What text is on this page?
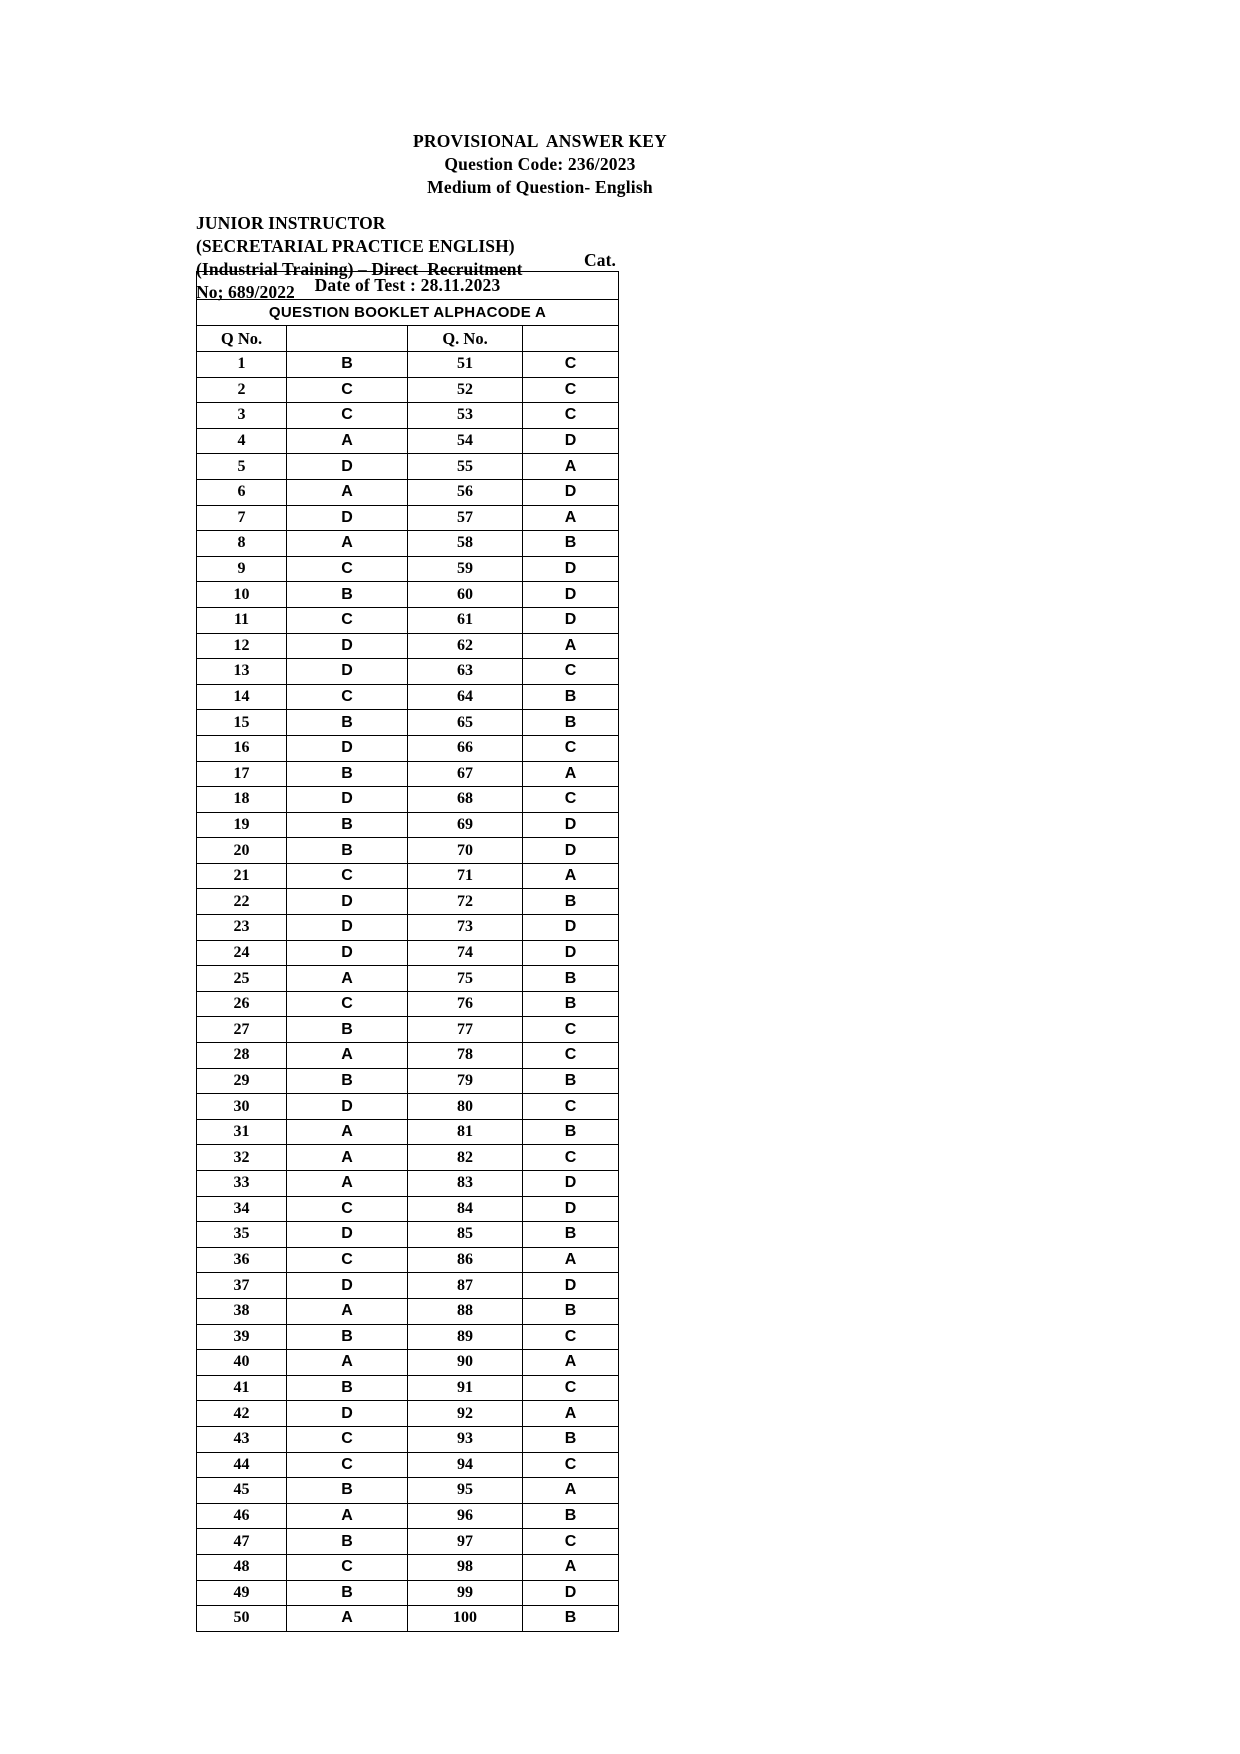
PROVISIONAL  ANSWER KEY
Question Code: 236/2023
Medium of Question- English
JUNIOR INSTRUCTOR
(SECRETARIAL PRACTICE ENGLISH)
(Industrial Training) – Direct  Recruitment
No; 689/2022
Cat.
Date of Test : 28.11.2023			
QUESTION BOOKLET ALPHACODE A			
Q No.		Q. No.	
1	B	51	C
2	C	52	C
3	C	53	C
4	A	54	D
5	D	55	A
6	A	56	D
7	D	57	A
8	A	58	B
9	C	59	D
10	B	60	D
11	C	61	D
12	D	62	A
13	D	63	C
14	C	64	B
15	B	65	B
16	D	66	C
17	B	67	A
18	D	68	C
19	B	69	D
20	B	70	D
21	C	71	A
22	D	72	B
23	D	73	D
24	D	74	D
25	A	75	B
26	C	76	B
27	B	77	C
28	A	78	C
29	B	79	B
30	D	80	C
31	A	81	B
32	A	82	C
33	A	83	D
34	C	84	D
35	D	85	B
36	C	86	A
37	D	87	D
38	A	88	B
39	B	89	C
40	A	90	A
41	B	91	C
42	D	92	A
43	C	93	B
44	C	94	C
45	B	95	A
46	A	96	B
47	B	97	C
48	C	98	A
49	B	99	D
50	A	100	B
